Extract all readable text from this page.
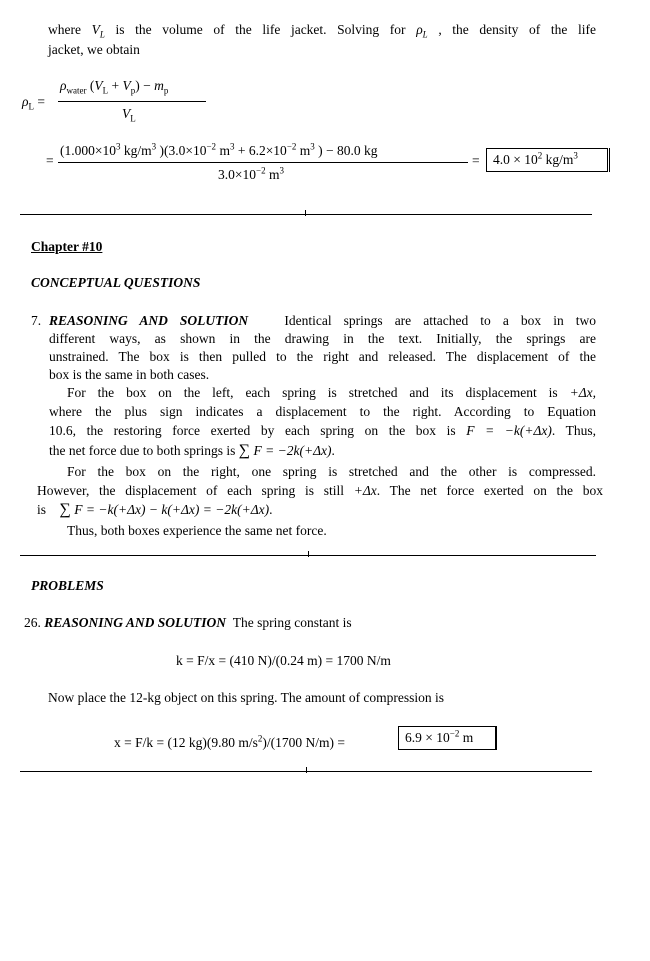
where $V_L$ is the volume of the life jacket. Solving for $\rho_L$ , the density of the life
jacket, we obtain
$\rho_L$ =
$\rho_{water}$ $(V_L + V_p) - m_p$
$V_L$
=
($1.000\times 10^3$ $kg/m^3$ )($3.0\times 10^{-2}$ $m^3 + 6.2\times 10^{-2}$ $m^3$ ) − 80.0 kg
$3.0\times 10^{-2}$ $m^3$
= $4.0 \times 10^2$ $kg/m^3$
Chapter #10
CONCEPTUAL QUESTIONS
7. REASONING AND SOLUTION	Identical springs are attached to a box in two
different ways, as shown in the drawing in the text. Initially, the springs are
unstrained. The box is then pulled to the right and released. The displacement of the
box is the same in both cases.
For the box on the left, each spring is stretched and its displacement is +Δx,
where the plus sign indicates a displacement to the right. According to Equation
10.6, the restoring force exerted by each spring on the box is F = −k(+Δx). Thus,
the net force due to both springs is ∑ F = −2k(+Δx).
For the box on the right, one spring is stretched and the other is compressed.
However, the displacement of each spring is still +Δx. The net force exerted on the box
is ∑ F = −k(+Δx) − k(+Δx) = −2k(+Δx).
Thus, both boxes experience the same net force.
PROBLEMS
26. REASONING AND SOLUTION The spring constant is
k = F/x = (410 N)/(0.24 m) = 1700 N/m
Now place the 12-kg object on this spring. The amount of compression is
x = F/k = (12 kg)(9.80 $m/s^2)/(1700$ N/m) =	$6.9 \times 10^{-2}$ m
